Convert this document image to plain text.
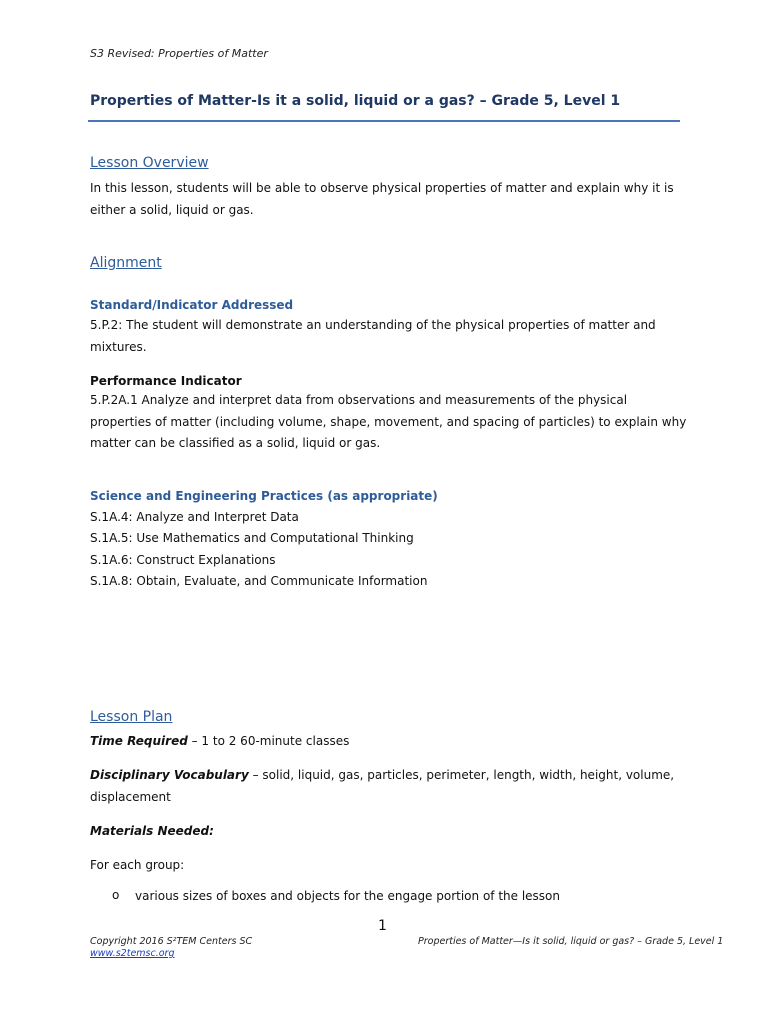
S3 Revised: Properties of Matter
Properties of Matter-Is it a solid, liquid or a gas? – Grade 5, Level 1
Lesson Overview
In this lesson, students will be able to observe physical properties of matter and explain why it is either a solid, liquid or gas.
Alignment
Standard/Indicator Addressed
5.P.2: The student will demonstrate an understanding of the physical properties of matter and mixtures.
Performance Indicator
5.P.2A.1 Analyze and interpret data from observations and measurements of the physical properties of matter (including volume, shape, movement, and spacing of particles) to explain why matter can be classified as a solid, liquid or gas.
Science and Engineering Practices (as appropriate)
S.1A.4: Analyze and Interpret Data
S.1A.5: Use Mathematics and Computational Thinking
S.1A.6: Construct Explanations
S.1A.8: Obtain, Evaluate, and Communicate Information
Lesson Plan
Time Required – 1 to 2 60-minute classes
Disciplinary Vocabulary – solid, liquid, gas, particles, perimeter, length, width, height, volume, displacement
Materials Needed:
For each group:
o various sizes of boxes and objects for the engage portion of the lesson
1
Copyright 2016 S²TEM Centers SC
www.s2temsc.org
Properties of Matter—Is it solid, liquid or gas? – Grade 5, Level 1
